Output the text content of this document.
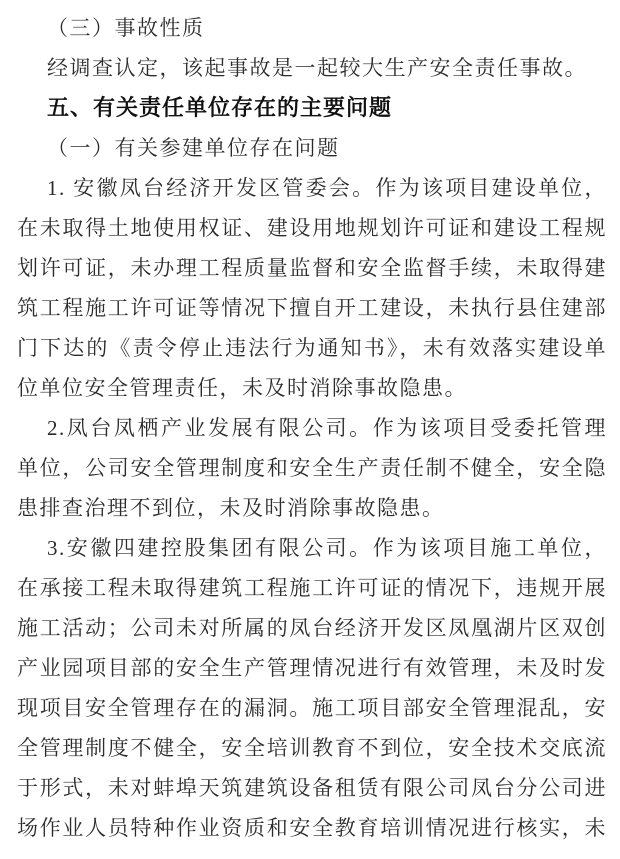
（三）事故性质
经调查认定，该起事故是一起较大生产安全责任事故。
五、有关责任单位存在的主要问题
（一）有关参建单位存在问题
1. 安徽凤台经济开发区管委会。作为该项目建设单位，
在未取得土地使用权证、建设用地规划许可证和建设工程规
划许可证，未办理工程质量监督和安全监督手续，未取得建
筑工程施工许可证等情况下擅自开工建设，未执行县住建部
门下达的《责令停止违法行为通知书》，未有效落实建设单
位单位安全管理责任，未及时消除事故隐患。
2.凤台凤栖产业发展有限公司。作为该项目受委托管理
单位，公司安全管理制度和安全生产责任制不健全，安全隐
患排查治理不到位，未及时消除事故隐患。
3.安徽四建控股集团有限公司。作为该项目施工单位，
在承接工程未取得建筑工程施工许可证的情况下，违规开展
施工活动；公司未对所属的凤台经济开发区凤凰湖片区双创
产业园项目部的安全生产管理情况进行有效管理，未及时发
现项目安全管理存在的漏洞。施工项目部安全管理混乱，安
全管理制度不健全，安全培训教育不到位，安全技术交底流
于形式，未对蚌埠天筑建筑设备租赁有限公司凤台分公司进
场作业人员特种作业资质和安全教育培训情况进行核实，未
